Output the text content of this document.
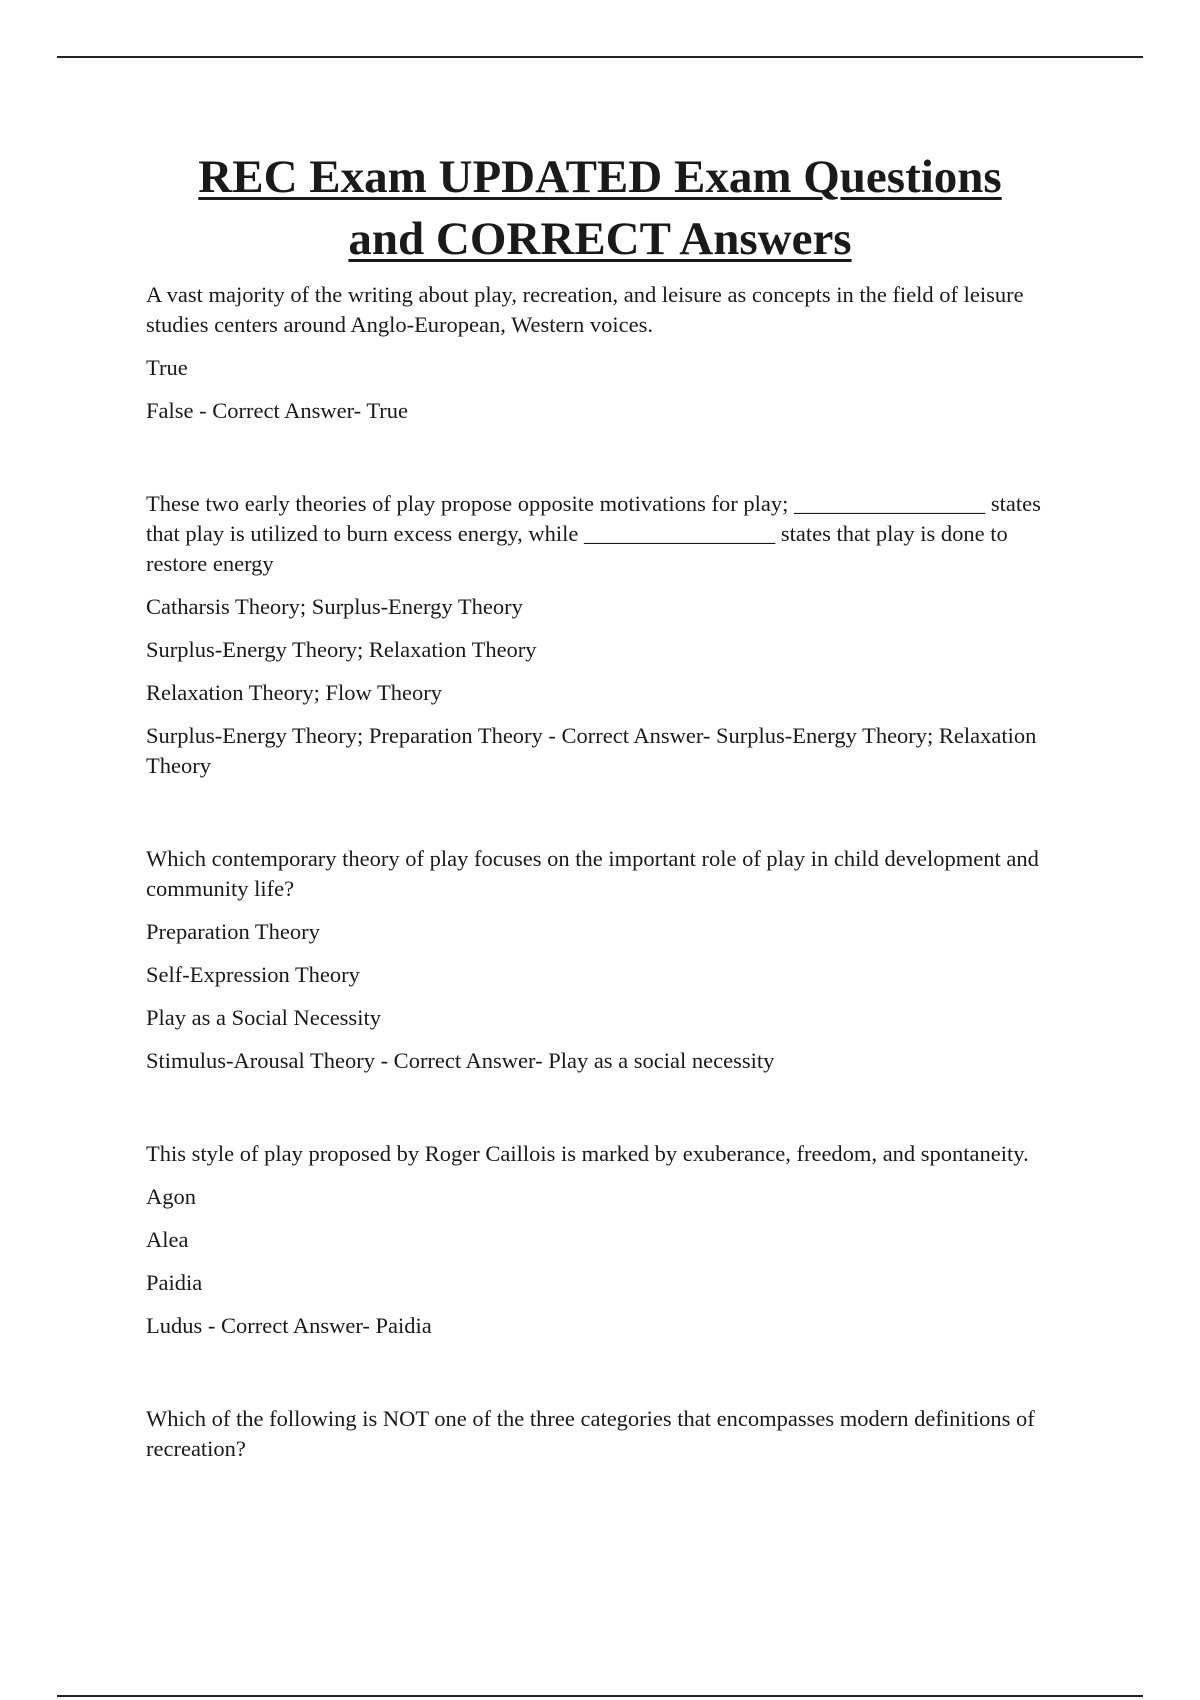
REC Exam UPDATED Exam Questions
and CORRECT Answers

A vast majority of the writing about play, recreation, and leisure as concepts in the field of leisure studies centers around Anglo-European, Western voices.

True

False - Correct Answer- True

These two early theories of play propose opposite motivations for play; _________________ states that play is utilized to burn excess energy, while _________________ states that play is done to restore energy

Catharsis Theory; Surplus-Energy Theory

Surplus-Energy Theory; Relaxation Theory

Relaxation Theory; Flow Theory

Surplus-Energy Theory; Preparation Theory - Correct Answer- Surplus-Energy Theory; Relaxation Theory

Which contemporary theory of play focuses on the important role of play in child development and community life?

Preparation Theory

Self-Expression Theory

Play as a Social Necessity

Stimulus-Arousal Theory - Correct Answer- Play as a social necessity

This style of play proposed by Roger Caillois is marked by exuberance, freedom, and spontaneity.

Agon

Alea

Paidia

Ludus - Correct Answer- Paidia

Which of the following is NOT one of the three categories that encompasses modern definitions of recreation?
